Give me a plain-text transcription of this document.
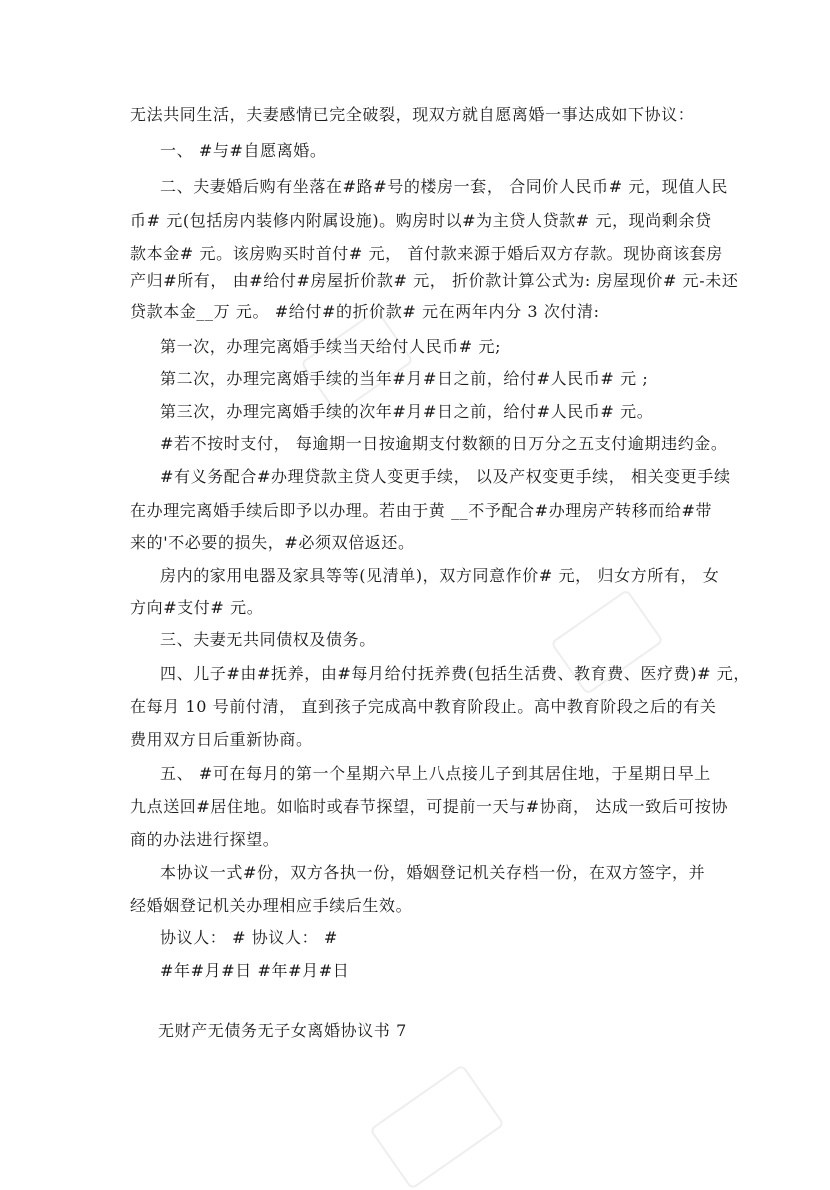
无法共同生活，夫妻感情已完全破裂，现双方就自愿离婚一事达成如下协议：
一、 #与#自愿离婚。
二、夫妻婚后购有坐落在#路#号的楼房一套， 合同价人民币# 元，现值人民
币# 元(包括房内装修内附属设施)。购房时以#为主贷人贷款# 元，现尚剩余贷
款本金# 元。该房购买时首付# 元， 首付款来源于婚后双方存款。现协商该套房
产归#所有， 由#给付#房屋折价款# 元， 折价款计算公式为: 房屋现价# 元-未还
贷款本金__万 元。 #给付#的折价款# 元在两年内分 3 次付清:
第一次，办理完离婚手续当天给付人民币# 元;
第二次，办理完离婚手续的当年#月#日之前，给付#人民币# 元 ;
第三次，办理完离婚手续的次年#月#日之前，给付#人民币# 元。
#若不按时支付， 每逾期一日按逾期支付数额的日万分之五支付逾期违约金。
#有义务配合#办理贷款主贷人变更手续， 以及产权变更手续， 相关变更手续
在办理完离婚手续后即予以办理。若由于黄 __不予配合#办理房产转移而给#带
来的'不必要的损失，#必须双倍返还。
房内的家用电器及家具等等(见清单)，双方同意作价# 元， 归女方所有， 女
方向#支付# 元。
三、夫妻无共同债权及债务。
四、儿子#由#抚养，由#每月给付抚养费(包括生活费、教育费、医疗费)# 元，
在每月 10 号前付清， 直到孩子完成高中教育阶段止。高中教育阶段之后的有关
费用双方日后重新协商。
五、 #可在每月的第一个星期六早上八点接儿子到其居住地，于星期日早上
九点送回#居住地。如临时或春节探望，可提前一天与#协商， 达成一致后可按协
商的办法进行探望。
本协议一式#份，双方各执一份，婚姻登记机关存档一份，在双方签字，并
经婚姻登记机关办理相应手续后生效。
协议人： # 协议人： #
#年#月#日 #年#月#日
无财产无债务无子女离婚协议书 7
